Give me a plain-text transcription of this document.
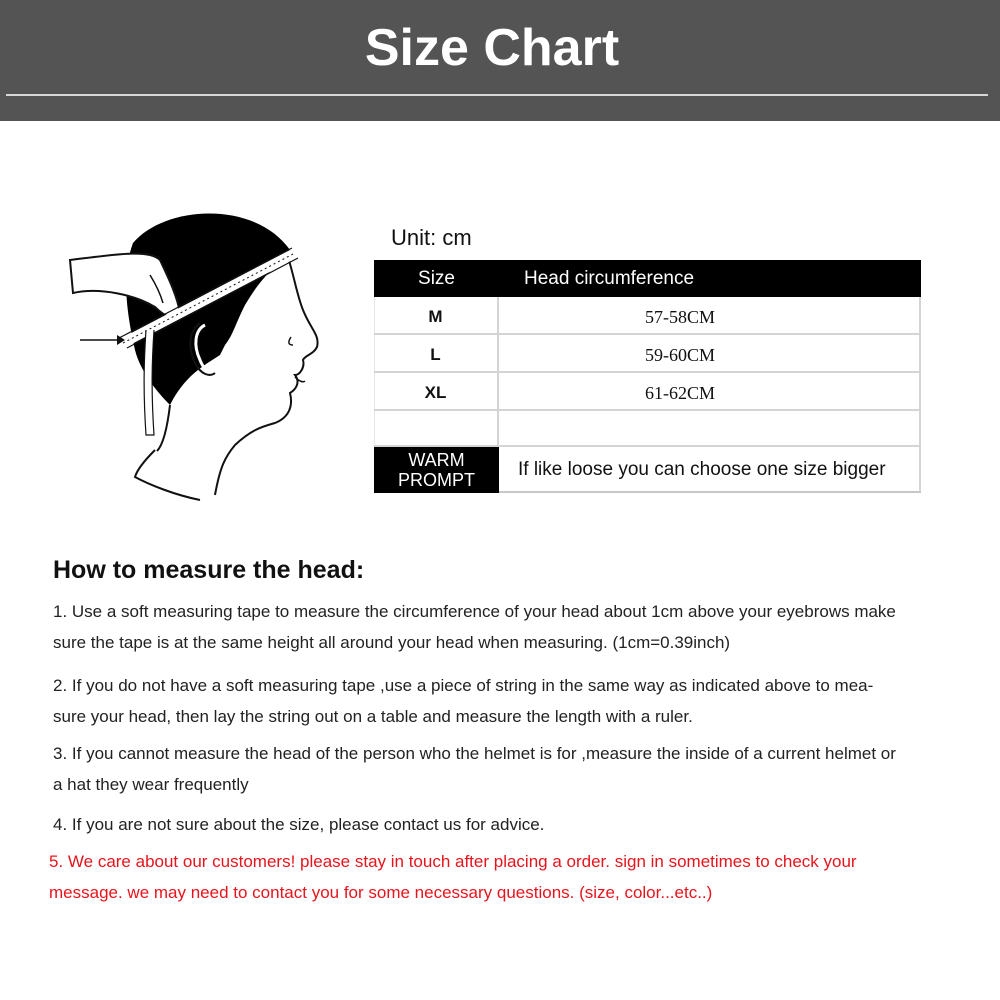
Size Chart
Unit: cm
Size	Head circumference
M	57-58CM
L	59-60CM
XL	61-62CM
WARM
PROMPT	If like loose you can choose one size bigger
How to measure the head:
1. Use a soft measuring tape to measure the circumference of your head about 1cm above your eyebrows make
sure the tape is at the same height all around your head when measuring. (1cm=0.39inch)
2. If you do not have a soft measuring tape ,use a piece of string in the same way as indicated above to mea-
sure your head, then lay the string out on a table and measure the length with a ruler.
3. If you cannot measure the head of the person who the helmet is for ,measure the inside of a current helmet or
a hat they wear frequently
4. If you are not sure about the size, please contact us for advice.
5. We care about our customers! please stay in touch after placing a order. sign in sometimes to check your
message. we may need to contact you for some necessary questions. (size, color...etc..)
